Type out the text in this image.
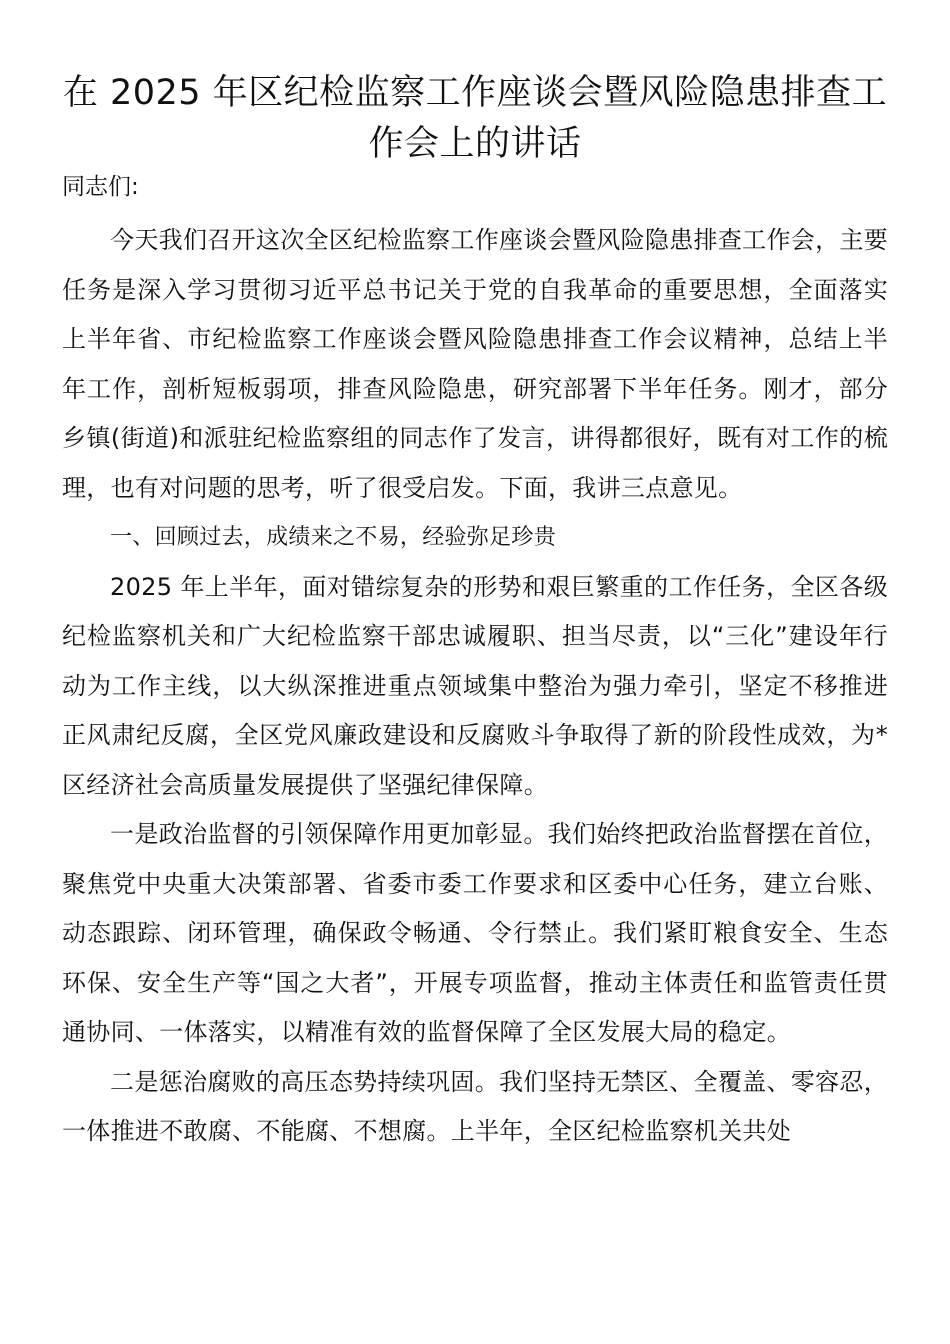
在 2025 年区纪检监察工作座谈会暨风险隐患排查工作会上的讲话
同志们:

今天我们召开这次全区纪检监察工作座谈会暨风险隐患排查工作会，主要任务是深入学习贯彻习近平总书记关于党的自我革命的重要思想，全面落实上半年省、市纪检监察工作座谈会暨风险隐患排查工作会议精神，总结上半年工作，剖析短板弱项，排查风险隐患，研究部署下半年任务。刚才，部分乡镇(街道)和派驻纪检监察组的同志作了发言，讲得都很好，既有对工作的梳理，也有对问题的思考，听了很受启发。下面，我讲三点意见。

一、回顾过去，成绩来之不易，经验弥足珍贵

2025 年上半年，面对错综复杂的形势和艰巨繁重的工作任务，全区各级纪检监察机关和广大纪检监察干部忠诚履职、担当尽责，以“三化”建设年行动为工作主线，以大纵深推进重点领域集中整治为强力牵引，坚定不移推进正风肃纪反腐，全区党风廉政建设和反腐败斗争取得了新的阶段性成效，为*区经济社会高质量发展提供了坚强纪律保障。

一是政治监督的引领保障作用更加彰显。我们始终把政治监督摆在首位，聚焦党中央重大决策部署、省委市委工作要求和区委中心任务，建立台账、动态跟踪、闭环管理，确保政令畅通、令行禁止。我们紧盯粮食安全、生态环保、安全生产等“国之大者”，开展专项监督，推动主体责任和监管责任贯通协同、一体落实，以精准有效的监督保障了全区发展大局的稳定。

二是惩治腐败的高压态势持续巩固。我们坚持无禁区、全覆盖、零容忍，一体推进不敢腐、不能腐、不想腐。上半年，全区纪检监察机关共处
